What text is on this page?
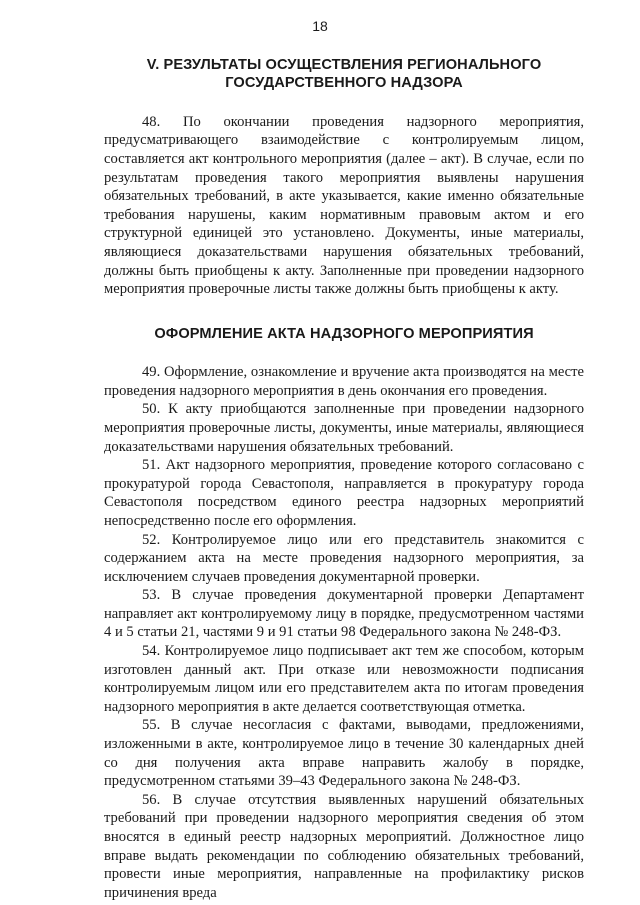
18

V. РЕЗУЛЬТАТЫ ОСУЩЕСТВЛЕНИЯ РЕГИОНАЛЬНОГО

ГОСУДАРСТВЕННОГО НАДЗОРА

48. По окончании проведения надзорного мероприятия, предусматривающего взаимодействие с контролируемым лицом, составляется акт контрольного мероприятия (далее – акт). В случае, если по результатам проведения такого мероприятия выявлены нарушения обязательных требований, в акте указывается, какие именно обязательные требования нарушены, каким нормативным правовым актом и его структурной единицей это установлено. Документы, иные материалы, являющиеся доказательствами нарушения обязательных требований, должны быть приобщены к акту. Заполненные при проведении надзорного мероприятия проверочные листы также должны быть приобщены к акту.

ОФОРМЛЕНИЕ АКТА НАДЗОРНОГО МЕРОПРИЯТИЯ

49. Оформление, ознакомление и вручение акта производятся на месте проведения надзорного мероприятия в день окончания его проведения.

50. К акту приобщаются заполненные при проведении надзорного мероприятия проверочные листы, документы, иные материалы, являющиеся доказательствами нарушения обязательных требований.

51. Акт надзорного мероприятия, проведение которого согласовано с прокуратурой города Севастополя, направляется в прокуратуру города Севастополя посредством единого реестра надзорных мероприятий непосредственно после его оформления.

52. Контролируемое лицо или его представитель знакомится с содержанием акта на месте проведения надзорного мероприятия, за исключением случаев проведения документарной проверки.

53. В случае проведения документарной проверки Департамент направляет акт контролируемому лицу в порядке, предусмотренном частями 4 и 5 статьи 21, частями 9 и 91 статьи 98 Федерального закона № 248-ФЗ.

54. Контролируемое лицо подписывает акт тем же способом, которым изготовлен данный акт. При отказе или невозможности подписания контролируемым лицом или его представителем акта по итогам проведения надзорного мероприятия в акте делается соответствующая отметка.

55. В случае несогласия с фактами, выводами, предложениями, изложенными в акте, контролируемое лицо в течение 30 календарных дней со дня получения акта вправе направить жалобу в порядке, предусмотренном статьями 39–43 Федерального закона № 248-ФЗ.

56. В случае отсутствия выявленных нарушений обязательных требований при проведении надзорного мероприятия сведения об этом вносятся в единый реестр надзорных мероприятий. Должностное лицо вправе выдать рекомендации по соблюдению обязательных требований, провести иные мероприятия, направленные на профилактику рисков причинения вреда
